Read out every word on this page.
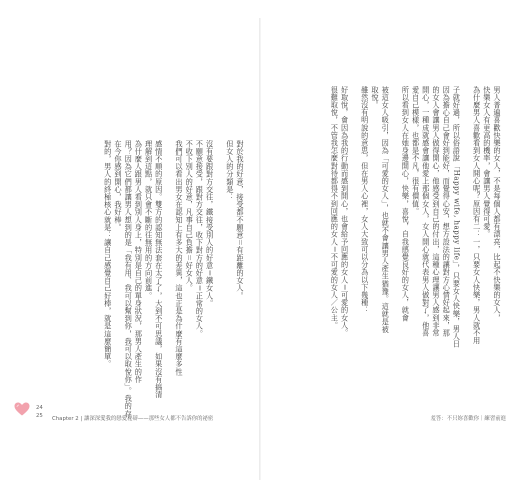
對於我的好意，接受都不願意＝有距離的女人。

但女人的分類是：

沒有要跟對方交往，鐵接受別人的好意＝鐵女人。

不願意接受，跟對方交往，收下對方的好意＝正常的女人。

不收下別人的好意，凡事自己負擔＝好女人。

我們可以看出男女在認知上有多大的差異，這也正是為什麼有這麼多性

感情不順的原因。雙方的認知無法套在太了了，大到不可思議，如果沒有搞清

理解到這點，就只會不斷的往無用的方向前進。

為什麼人跟男人看到別人身上，特別是自己的單身狀況，那男人產生的作

用？因為它們都讓男人想到的是「我有用、我可以幫到你，我可以取悅你」。我的存

在今你感到開心，我好棒。

對的，男人的終極核心就是：讓自己感覺自己好棒，就是這麼簡單。

24
25 Chapter 2 | 讓深深愛我的戀愛秘辯——那些女人都不告訴你的祕密

男人普遍喜歡快樂的女人，不是每個人都有漂亮，比起不快樂的女人，

快樂女人有更高的機率，會讓男人覺得可愛。

為什麼男人喜歡看到女人開心呢？原因有二：一，只要女人快樂，男人就不用

子就好過，所以俗語說「Happy wife, happy life」，只要女人快樂，男人日

因為擔心自己會好到能好，而覺得心安，想方設法的讓對方心情好起來，那

的女人會讓男人做得開心，他感受到自己的付出，這種心理讓男人感到非常

開心，一種成就感會讓他愛上那個女人，女人開心就代表男人做對了，他喜

愛自己模樣，也都是不凡，很有價值。

所以看到女人在她身邊開心，快樂，喜悅，自我感覺良好的女人，就會

被這女人吸引，因為「可愛的女人」，也就不會讓男人產生猶豫。這就是被

取悅。

雖然沒有明說的意思，但在男人心裡，女人大致可以分為以下幾種：

好取悅，會因為我的行動而感到開心，也會給予回應的女人＝可愛的女人。

很難取悅，不管我怎麼對待都得不到回應的女人＝不可愛的女人／公主。

羞答：不只妳喜歡你｜練習前進
